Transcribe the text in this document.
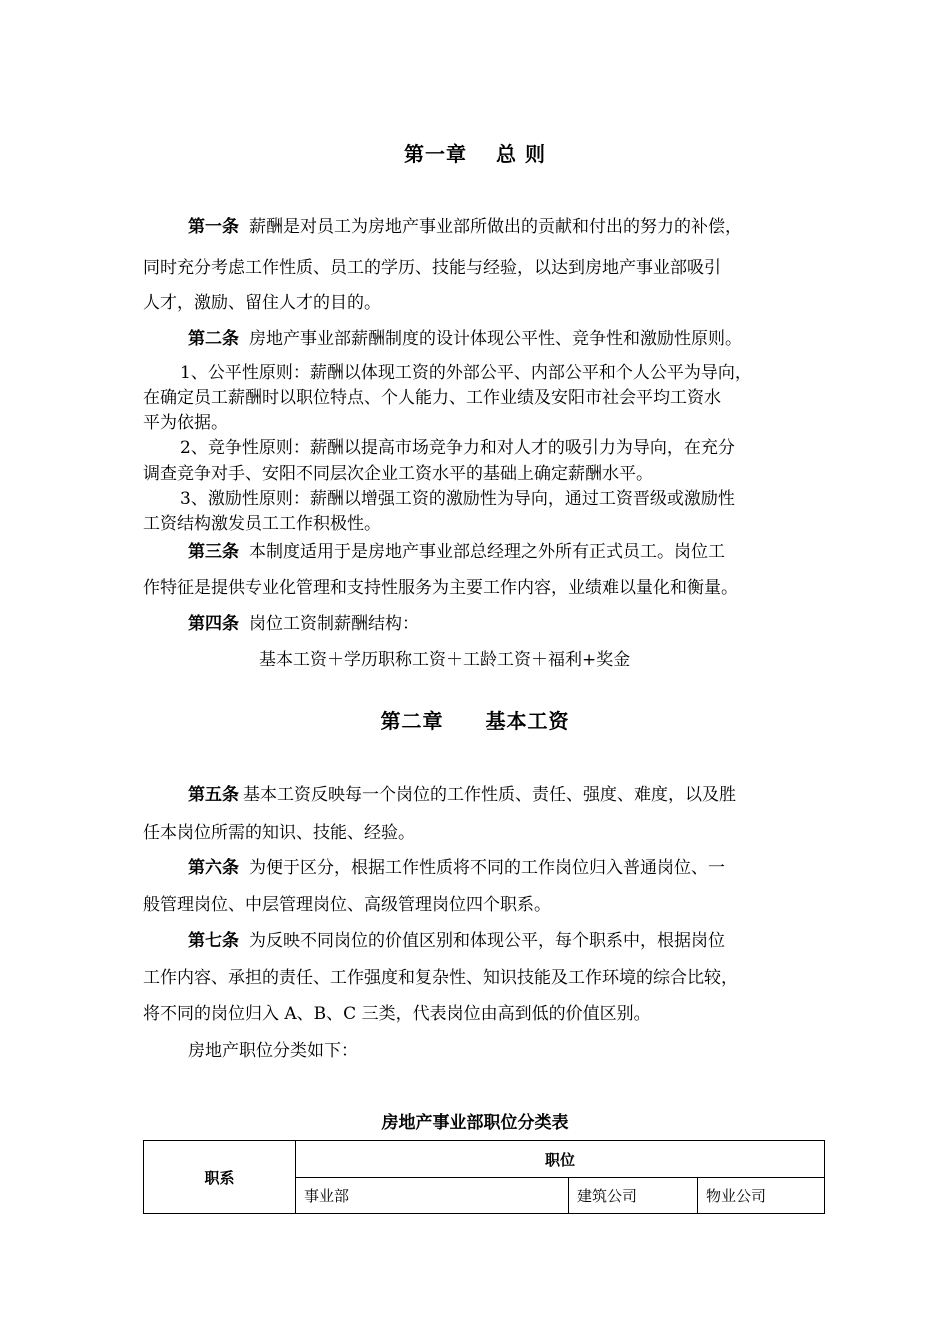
第一章　 总 则
第一条 薪酬是对员工为房地产事业部所做出的贡献和付出的努力的补偿，
同时充分考虑工作性质、员工的学历、技能与经验，以达到房地产事业部吸引
人才，激励、留住人才的目的。
第二条 房地产事业部薪酬制度的设计体现公平性、竞争性和激励性原则。
1、公平性原则：薪酬以体现工资的外部公平、内部公平和个人公平为导向，
在确定员工薪酬时以职位特点、个人能力、工作业绩及安阳市社会平均工资水
平为依据。
2、竞争性原则：薪酬以提高市场竞争力和对人才的吸引力为导向，在充分
调查竞争对手、安阳不同层次企业工资水平的基础上确定薪酬水平。
3、激励性原则：薪酬以增强工资的激励性为导向，通过工资晋级或激励性
工资结构激发员工工作积极性。
第三条 本制度适用于是房地产事业部总经理之外所有正式员工。岗位工
作特征是提供专业化管理和支持性服务为主要工作内容，业绩难以量化和衡量。
第四条 岗位工资制薪酬结构：
基本工资＋学历职称工资＋工龄工资＋福利+奖金
第二章　　基本工资
第五条 基本工资反映每一个岗位的工作性质、责任、强度、难度，以及胜
任本岗位所需的知识、技能、经验。
第六条 为便于区分，根据工作性质将不同的工作岗位归入普通岗位、一
般管理岗位、中层管理岗位、高级管理岗位四个职系。
第七条 为反映不同岗位的价值区别和体现公平，每个职系中，根据岗位
工作内容、承担的责任、工作强度和复杂性、知识技能及工作环境的综合比较，
将不同的岗位归入 A、B、C 三类，代表岗位由高到低的价值区别。
房地产职位分类如下：
房地产事业部职位分类表
职系	职位		
	事业部	建筑公司	物业公司
